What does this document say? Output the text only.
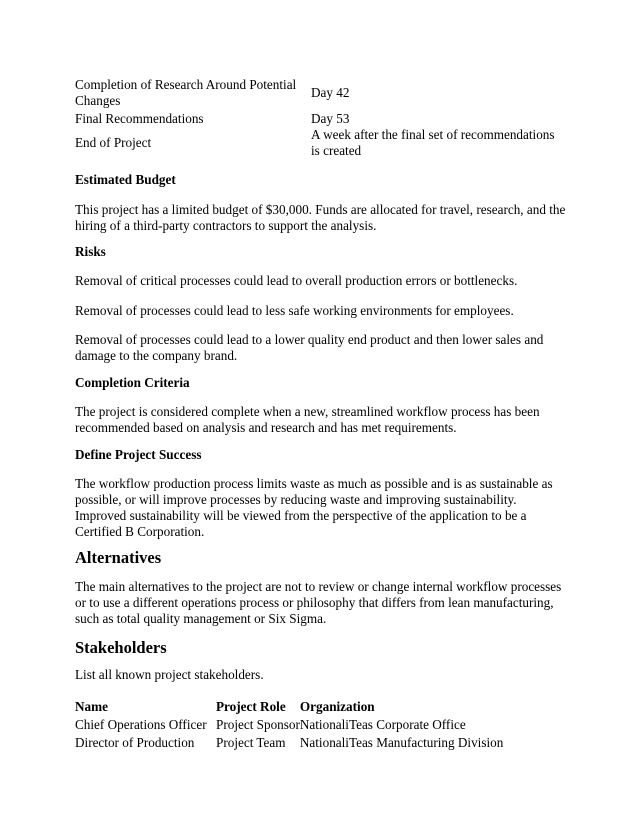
Completion of Research Around Potential Changes	Day 42
Final Recommendations	Day 53
End of Project	A week after the final set of recommendations is created
Estimated Budget
This project has a limited budget of $30,000. Funds are allocated for travel, research, and the hiring of a third-party contractors to support the analysis.
Risks
Removal of critical processes could lead to overall production errors or bottlenecks.
Removal of processes could lead to less safe working environments for employees.
Removal of processes could lead to a lower quality end product and then lower sales and damage to the company brand.
Completion Criteria
The project is considered complete when a new, streamlined workflow process has been recommended based on analysis and research and has met requirements.
Define Project Success
The workflow production process limits waste as much as possible and is as sustainable as possible, or will improve processes by reducing waste and improving sustainability. Improved sustainability will be viewed from the perspective of the application to be a Certified B Corporation.
Alternatives
The main alternatives to the project are not to review or change internal workflow processes or to use a different operations process or philosophy that differs from lean manufacturing, such as total quality management or Six Sigma.
Stakeholders
List all known project stakeholders.
Name	Project Role	Organization
Chief Operations Officer	Project Sponsor	NationaliTeas Corporate Office
Director of Production	Project Team	NationaliTeas Manufacturing Division
